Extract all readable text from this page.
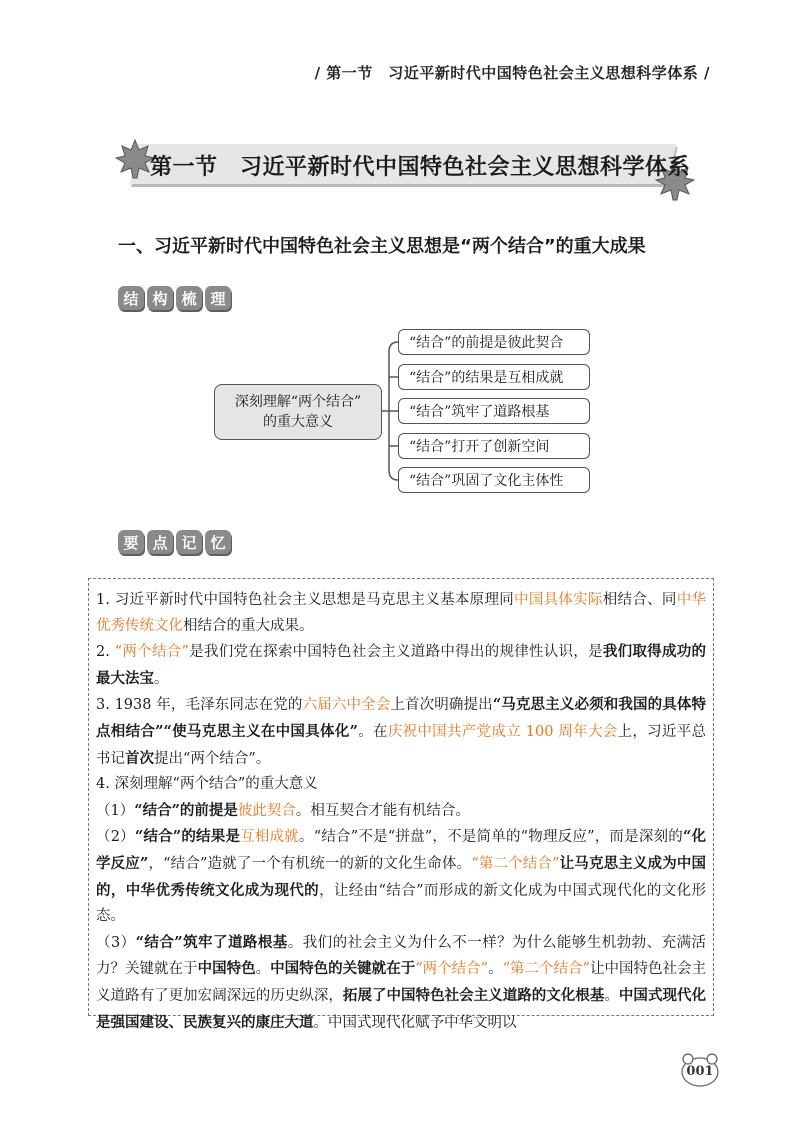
/ 第一节　习近平新时代中国特色社会主义思想科学体系 /
第一节　习近平新时代中国特色社会主义思想科学体系
一、习近平新时代中国特色社会主义思想是“两个结合”的重大成果
结 构 梳 理
深刻理解“两个结合”
的重大意义
“结合”的前提是彼此契合
“结合”的结果是互相成就
“结合”筑牢了道路根基
“结合”打开了创新空间
“结合”巩固了文化主体性
要 点 记 忆

1. 习近平新时代中国特色社会主义思想是马克思主义基本原理同中国具体实际相结合、同中华优秀传统文化相结合的重大成果。

2. “两个结合”是我们党在探索中国特色社会主义道路中得出的规律性认识，是我们取得成功的最大法宝。

3. 1938 年，毛泽东同志在党的六届六中全会上首次明确提出“马克思主义必须和我国的具体特点相结合”“使马克思主义在中国具体化”。在庆祝中国共产党成立 100 周年大会上，习近平总书记首次提出“两个结合”。

4. 深刻理解“两个结合”的重大意义

（1）“结合”的前提是彼此契合。相互契合才能有机结合。

（2）“结合”的结果是互相成就。“结合”不是“拼盘”，不是简单的“物理反应”，而是深刻的“化学反应”，“结合”造就了一个有机统一的新的文化生命体。“第二个结合”让马克思主义成为中国的，中华优秀传统文化成为现代的，让经由“结合”而形成的新文化成为中国式现代化的文化形态。

（3）“结合”筑牢了道路根基。我们的社会主义为什么不一样？为什么能够生机勃勃、充满活力？关键就在于中国特色。中国特色的关键就在于“两个结合”。“第二个结合”让中国特色社会主义道路有了更加宏阔深远的历史纵深，拓展了中国特色社会主义道路的文化根基。中国式现代化是强国建设、民族复兴的康庄大道。中国式现代化赋予中华文明以

001
